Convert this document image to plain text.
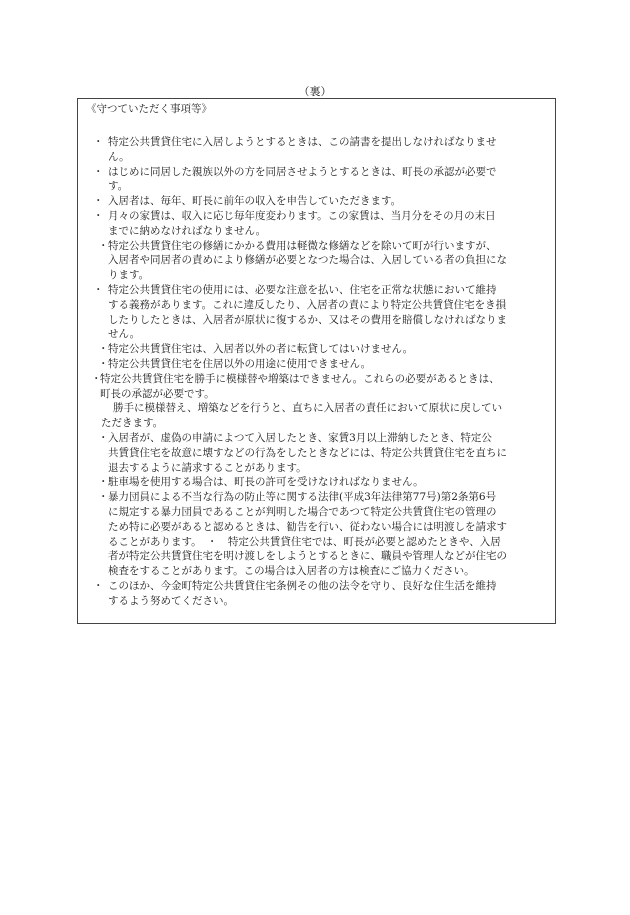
（裏）
《守つていただく事項等》
・ 特定公共賃貸住宅に入居しようとするときは、この請書を提出しなければなりませ
ん。
・ はじめに同居した親族以外の方を同居させようとするときは、町長の承認が必要で
す。
・ 入居者は、毎年、町長に前年の収入を申告していただきます。
・ 月々の家賃は、収入に応じ毎年度変わります。この家賃は、当月分をその月の末日
までに納めなければなりません。
・ 特定公共賃貸住宅の修繕にかかる費用は軽微な修繕などを除いて町が行いますが、
入居者や同居者の責めにより修繕が必要となつた場合は、入居している者の負担にな
ります。
・ 特定公共賃貸住宅の使用には、必要な注意を払い、住宅を正常な状態において維持
する義務があります。これに違反したり、入居者の責により特定公共賃貸住宅をき損
したりしたときは、入居者が原状に復するか、又はその費用を賠償しなければなりま
せん。
・ 特定公共賃貸住宅は、入居者以外の者に転貸してはいけません。
・ 特定公共賃貸住宅を住居以外の用途に使用できません。
・
特定公共賃貸住宅を勝手に模様替や増築はできません。これらの必要があるときは、
町長の承認が必要です。
勝手に模様替え、増築などを行うと、直ちに入居者の責任において原状に戻してい
ただきます。
・ 入居者が、虚偽の申請によつて入居したとき、家賃3月以上滞納したとき、特定公
共賃貸住宅を故意に壊すなどの行為をしたときなどには、特定公共賃貸住宅を直ちに
退去するように請求することがあります。
・ 駐車場を使用する場合は、町長の許可を受けなければなりません。
・ 暴力団員による不当な行為の防止等に関する法律(平成3年法律第77号)第2条第6号
に規定する暴力団員であることが判明した場合であつて特定公共賃貸住宅の管理の
ため特に必要があると認めるときは、勧告を行い、従わない場合には明渡しを請求す
ることがあります。　・　特定公共賃貸住宅では、町長が必要と認めたときや、入居
者が特定公共賃貸住宅を明け渡しをしようとするときに、職員や管理人などが住宅の
検査をすることがあります。この場合は入居者の方は検査にご協力ください。
・ このほか、今金町特定公共賃貸住宅条例その他の法令を守り、良好な住生活を維持
するよう努めてください。
